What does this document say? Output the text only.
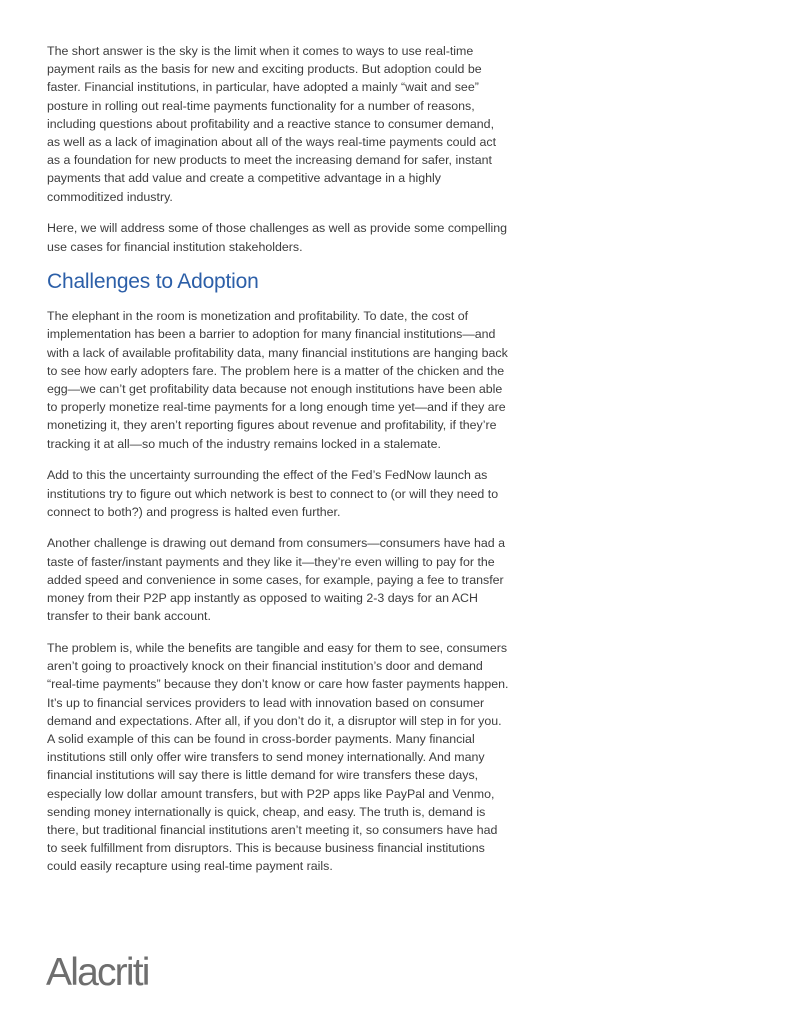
The short answer is the sky is the limit when it comes to ways to use real-time payment rails as the basis for new and exciting products. But adoption could be faster. Financial institutions, in particular, have adopted a mainly “wait and see” posture in rolling out real-time payments functionality for a number of reasons, including questions about profitability and a reactive stance to consumer demand, as well as a lack of imagination about all of the ways real-time payments could act as a foundation for new products to meet the increasing demand for safer, instant payments that add value and create a competitive advantage in a highly commoditized industry.

Here, we will address some of those challenges as well as provide some compelling use cases for financial institution stakeholders.

Challenges to Adoption

The elephant in the room is monetization and profitability. To date, the cost of implementation has been a barrier to adoption for many financial institutions—and with a lack of available profitability data, many financial institutions are hanging back to see how early adopters fare. The problem here is a matter of the chicken and the egg—we can’t get profitability data because not enough institutions have been able to properly monetize real-time payments for a long enough time yet—and if they are monetizing it, they aren’t reporting figures about revenue and profitability, if they’re tracking it at all—so much of the industry remains locked in a stalemate.

Add to this the uncertainty surrounding the effect of the Fed’s FedNow launch as institutions try to figure out which network is best to connect to (or will they need to connect to both?) and progress is halted even further.

Another challenge is drawing out demand from consumers—consumers have had a taste of faster/instant payments and they like it—they’re even willing to pay for the added speed and convenience in some cases, for example, paying a fee to transfer money from their P2P app instantly as opposed to waiting 2-3 days for an ACH transfer to their bank account.

The problem is, while the benefits are tangible and easy for them to see, consumers aren’t going to proactively knock on their financial institution’s door and demand “real-time payments” because they don’t know or care how faster payments happen. It’s up to financial services providers to lead with innovation based on consumer demand and expectations. After all, if you don’t do it, a disruptor will step in for you. A solid example of this can be found in cross-border payments. Many financial institutions still only offer wire transfers to send money internationally. And many financial institutions will say there is little demand for wire transfers these days, especially low dollar amount transfers, but with P2P apps like PayPal and Venmo, sending money internationally is quick, cheap, and easy. The truth is, demand is there, but traditional financial institutions aren’t meeting it, so consumers have had to seek fulfillment from disruptors. This is because business financial institutions could easily recapture using real-time payment rails.

Alacriti
